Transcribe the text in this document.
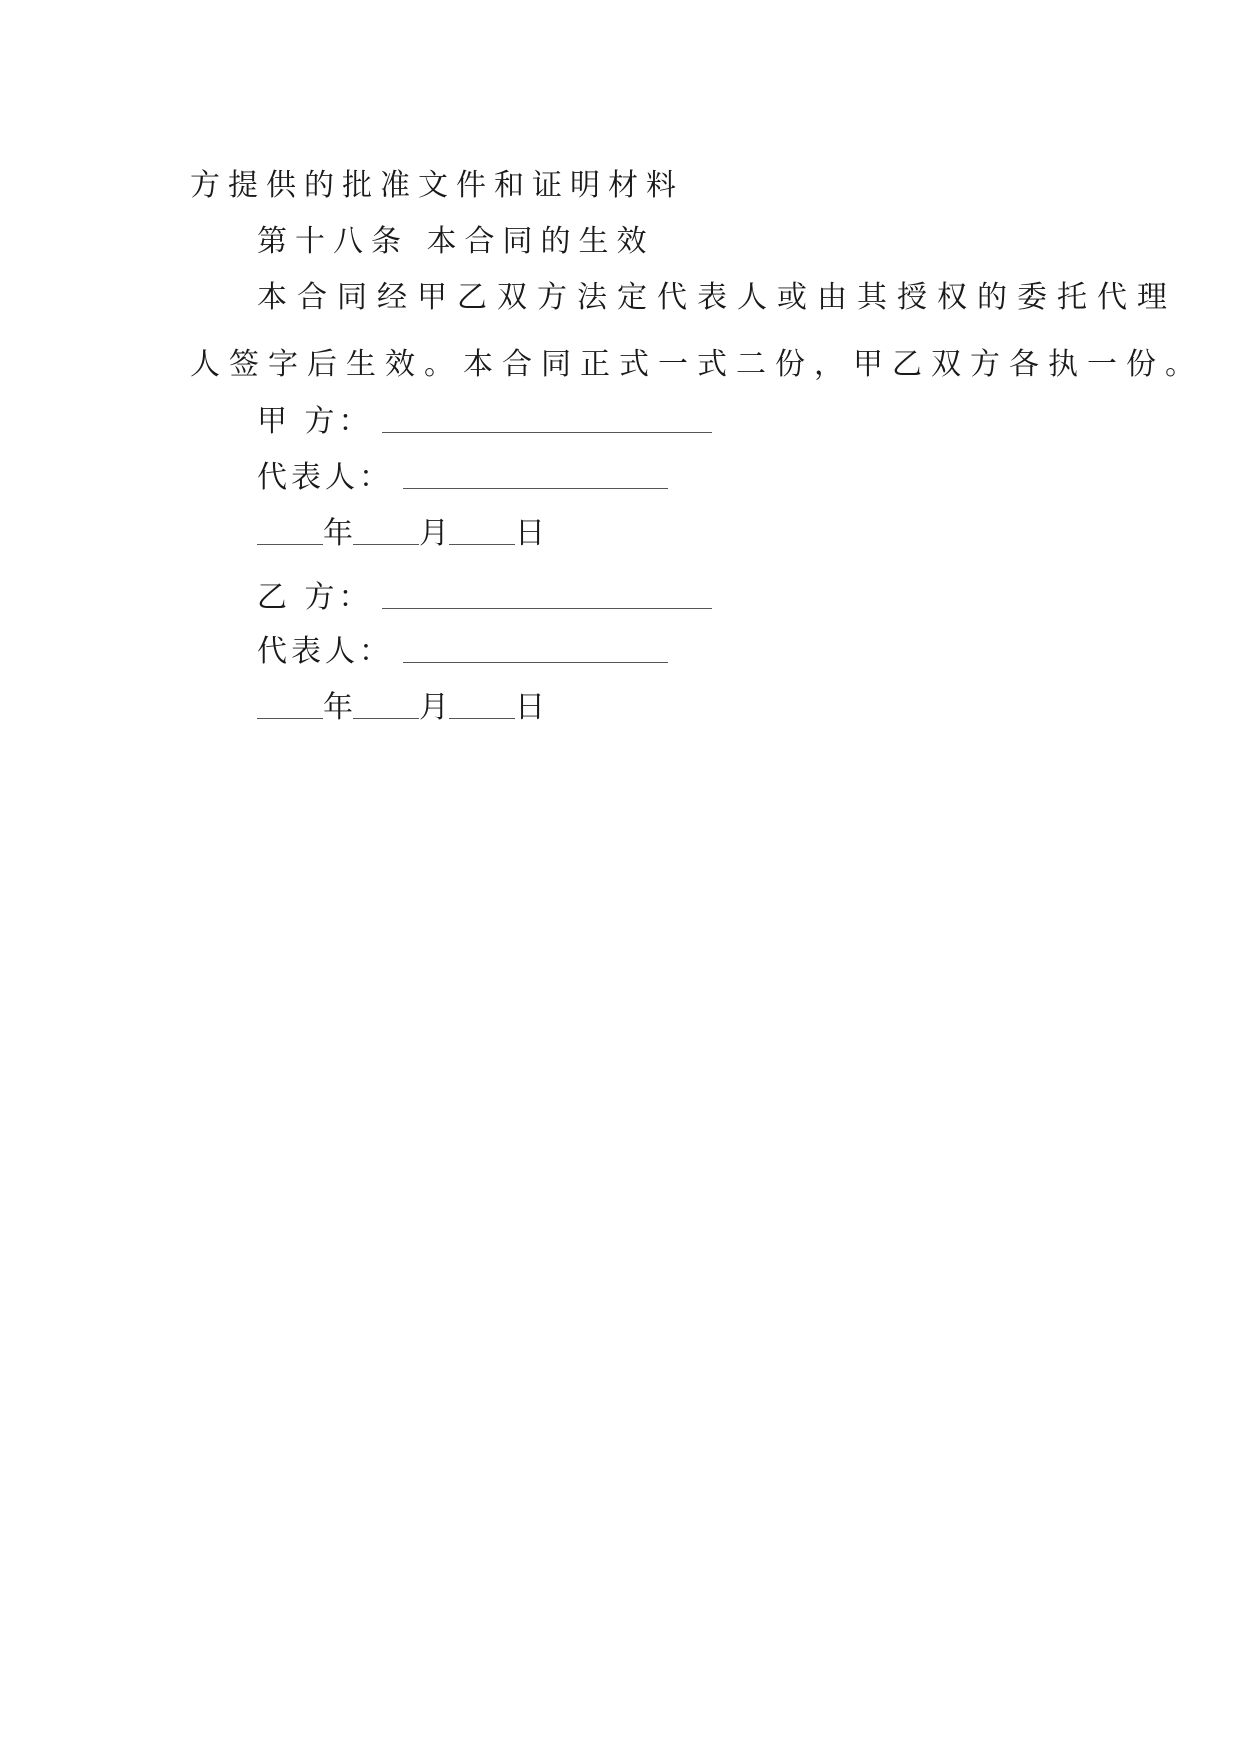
方提供的批准文件和证明材料
第十八条 本合同的生效
本合同经甲乙双方法定代表人或由其授权的委托代理
人签字后生效。本合同正式一式二份，甲乙双方各执一份。
甲 方：
代表人：
年 月 日
乙 方：
代表人：
年 月 日
